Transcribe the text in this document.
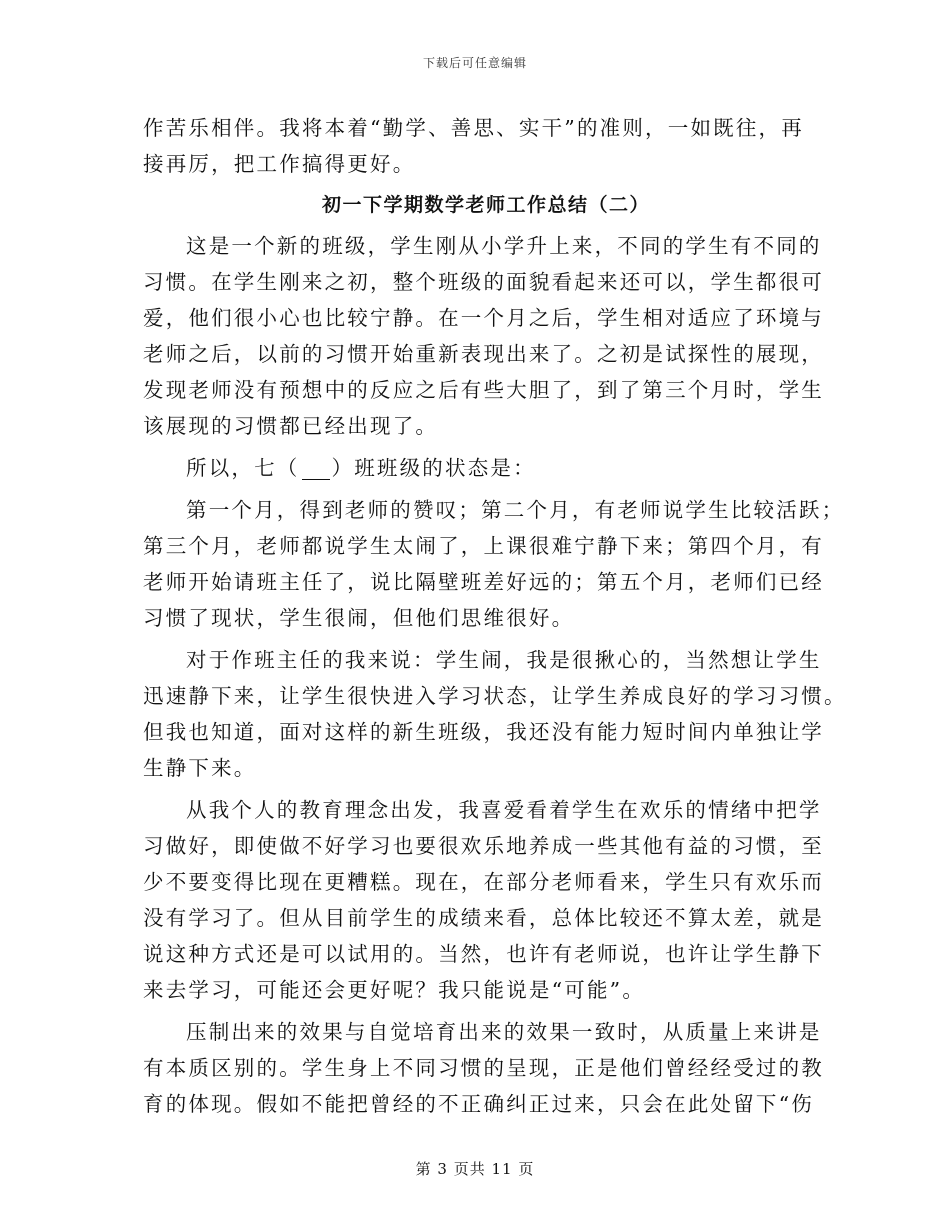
下载后可任意编辑
作苦乐相伴。我将本着“勤学、善思、实干”的准则，一如既往，再
接再厉，把工作搞得更好。
初一下学期数学老师工作总结（二）
这是一个新的班级，学生刚从小学升上来，不同的学生有不同的
习惯。在学生刚来之初，整个班级的面貌看起来还可以，学生都很可
爱，他们很小心也比较宁静。在一个月之后，学生相对适应了环境与
老师之后，以前的习惯开始重新表现出来了。之初是试探性的展现，
发现老师没有预想中的反应之后有些大胆了，到了第三个月时，学生
该展现的习惯都已经出现了。
所以，七（ ）班班级的状态是：
第一个月，得到老师的赞叹；第二个月，有老师说学生比较活跃；
第三个月，老师都说学生太闹了，上课很难宁静下来；第四个月，有
老师开始请班主任了，说比隔壁班差好远的；第五个月，老师们已经
习惯了现状，学生很闹，但他们思维很好。
对于作班主任的我来说：学生闹，我是很揪心的，当然想让学生
迅速静下来，让学生很快进入学习状态，让学生养成良好的学习习惯。
但我也知道，面对这样的新生班级，我还没有能力短时间内单独让学
生静下来。
从我个人的教育理念出发，我喜爱看着学生在欢乐的情绪中把学
习做好，即使做不好学习也要很欢乐地养成一些其他有益的习惯，至
少不要变得比现在更糟糕。现在，在部分老师看来，学生只有欢乐而
没有学习了。但从目前学生的成绩来看，总体比较还不算太差，就是
说这种方式还是可以试用的。当然，也许有老师说，也许让学生静下
来去学习，可能还会更好呢？我只能说是“可能”。
压制出来的效果与自觉培育出来的效果一致时，从质量上来讲是
有本质区别的。学生身上不同习惯的呈现，正是他们曾经经受过的教
育的体现。假如不能把曾经的不正确纠正过来，只会在此处留下“伤
第 3 页共 11 页
